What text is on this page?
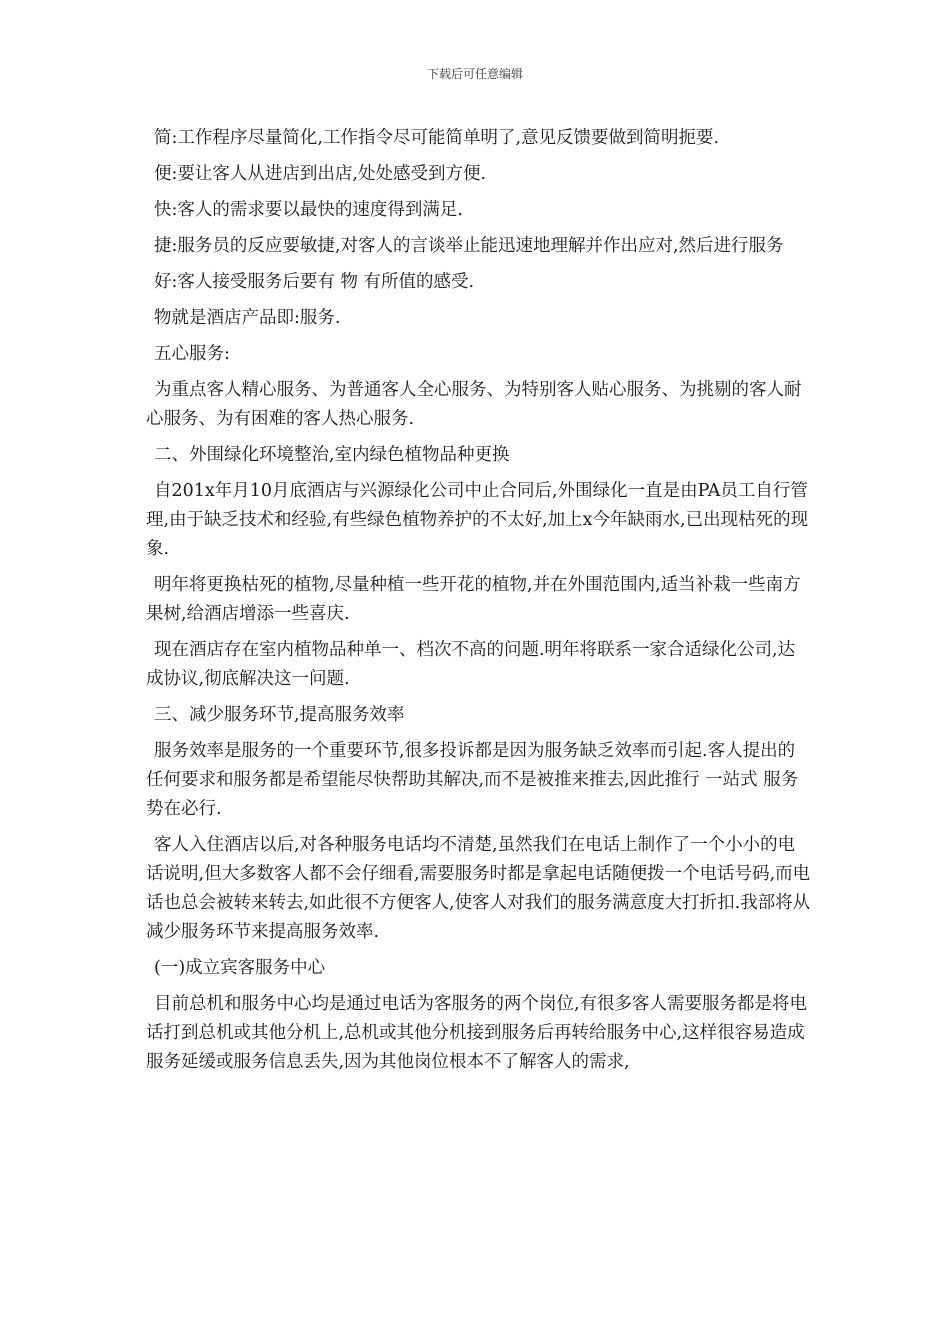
下载后可任意编辑

简:工作程序尽量简化,工作指令尽可能简单明了,意见反馈要做到简明扼要.

便:要让客人从进店到出店,处处感受到方便.

快:客人的需求要以最快的速度得到满足.

捷:服务员的反应要敏捷,对客人的言谈举止能迅速地理解并作出应对,然后进行服务

好:客人接受服务后要有 物 有所值的感受.

物就是酒店产品即:服务.

五心服务:

为重点客人精心服务、为普通客人全心服务、为特别客人贴心服务、为挑剔的客人耐心服务、为有困难的客人热心服务.

二、外围绿化环境整治,室内绿色植物品种更换

自201x年月10月底酒店与兴源绿化公司中止合同后,外围绿化一直是由PA员工自行管理,由于缺乏技术和经验,有些绿色植物养护的不太好,加上x今年缺雨水,已出现枯死的现象.

明年将更换枯死的植物,尽量种植一些开花的植物,并在外围范围内,适当补栽一些南方果树,给酒店增添一些喜庆.

现在酒店存在室内植物品种单一、档次不高的问题.明年将联系一家合适绿化公司,达成协议,彻底解决这一问题.

三、减少服务环节,提高服务效率

服务效率是服务的一个重要环节,很多投诉都是因为服务缺乏效率而引起.客人提出的任何要求和服务都是希望能尽快帮助其解决,而不是被推来推去,因此推行 一站式 服务势在必行.

客人入住酒店以后,对各种服务电话均不清楚,虽然我们在电话上制作了一个小小的电话说明,但大多数客人都不会仔细看,需要服务时都是拿起电话随便拨一个电话号码,而电话也总会被转来转去,如此很不方便客人,使客人对我们的服务满意度大打折扣.我部将从减少服务环节来提高服务效率.

(一)成立宾客服务中心

目前总机和服务中心均是通过电话为客服务的两个岗位,有很多客人需要服务都是将电话打到总机或其他分机上,总机或其他分机接到服务后再转给服务中心,这样很容易造成服务延缓或服务信息丢失,因为其他岗位根本不了解客人的需求,
